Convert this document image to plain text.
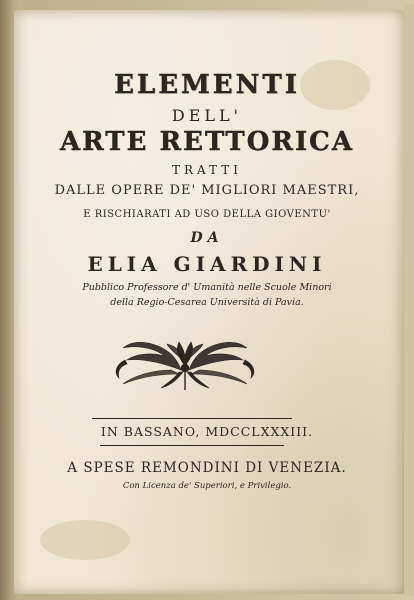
ELEMENTI
DELL'
ARTE RETTORICA
TRATTI
DALLE OPERE DE' MIGLIORI MAESTRI,
E RISCHIARATI AD USO DELLA GIOVENTU'
DA
ELIA GIARDINI
Pubblico Professore d' Umanità nelle Scuole Minori
della Regio-Cesarea Università di Pavia.
IN BASSANO, MDCCLXXXIII.
A SPESE REMONDINI DI VENEZIA.
Con Licenza de' Superiori, e Privilegio.
